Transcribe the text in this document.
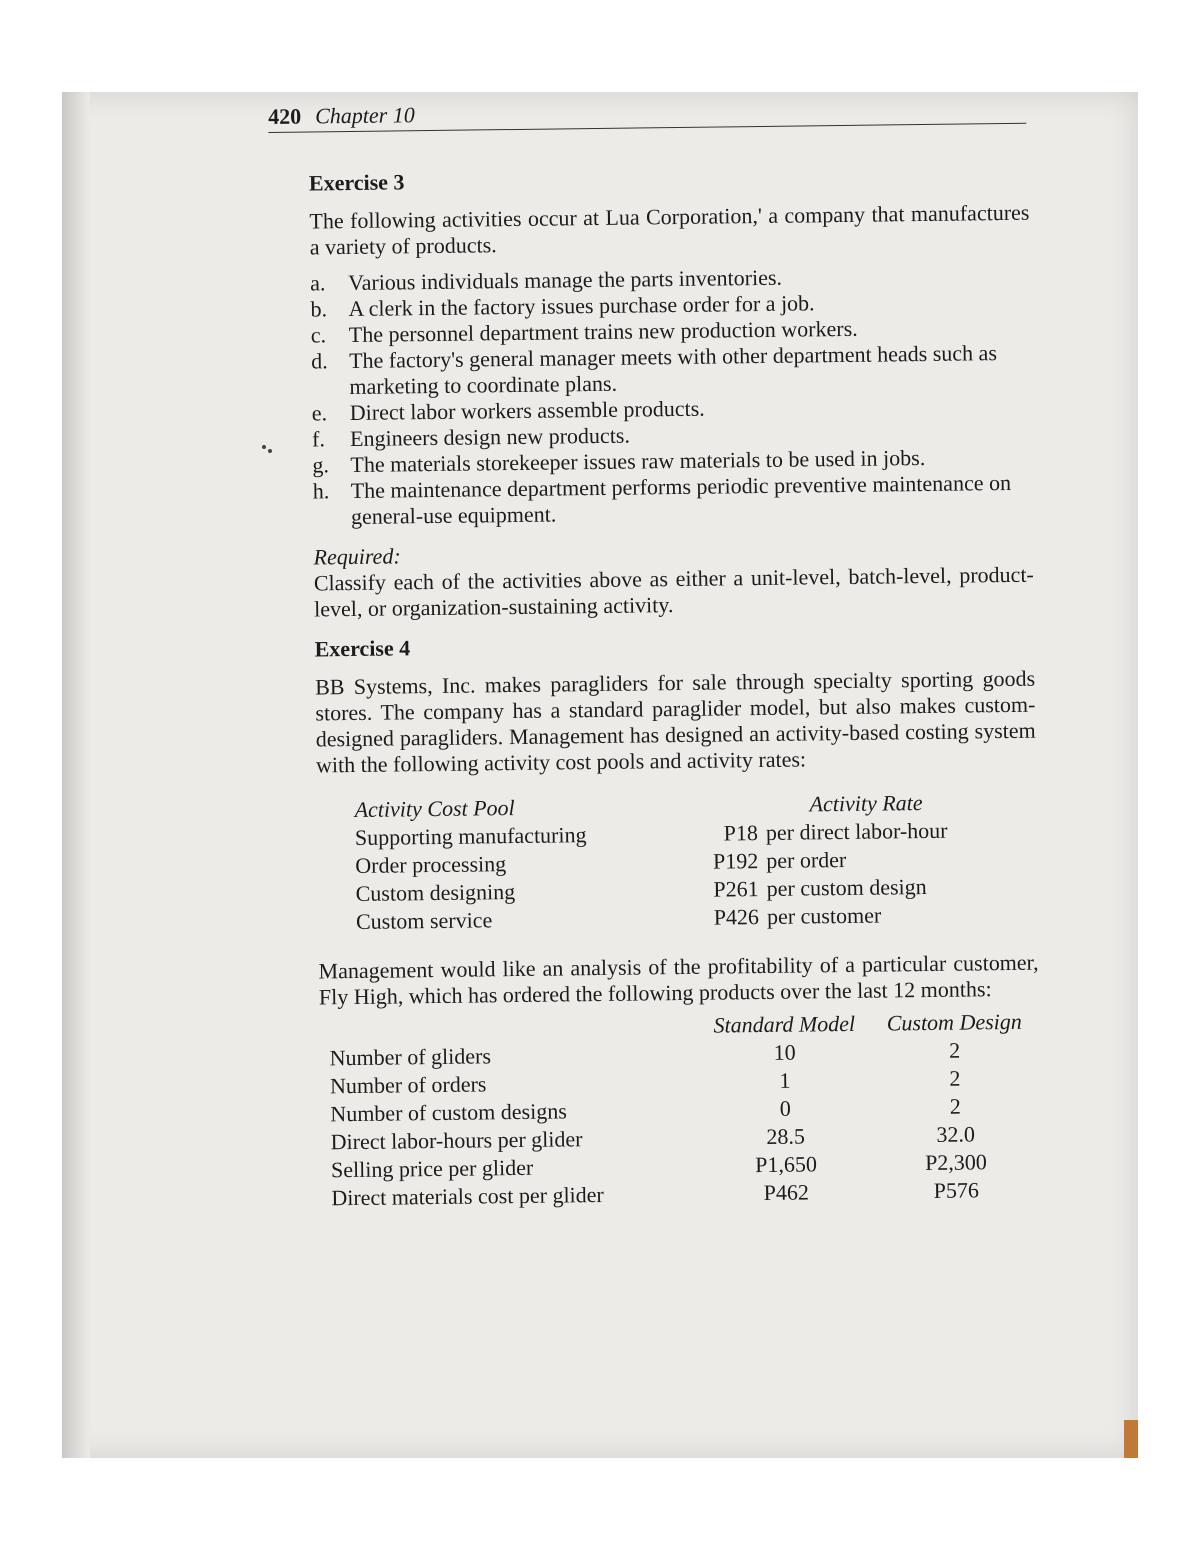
420 Chapter 10
Exercise 3
The following activities occur at Lua Corporation,' a company that manufactures a variety of products.
a.	Various individuals manage the parts inventories.
b. A clerk in the factory issues purchase order for a job.
c.	The personnel department trains new production workers.
d. The factory's general manager meets with other department heads such as marketing to coordinate plans.
e.	Direct labor workers assemble products.
f.	Engineers design new products.
g. The materials storekeeper issues raw materials to be used in jobs.
h. The maintenance department performs periodic preventive maintenance on general-use equipment.
Required:
Classify each of the activities above as either a unit-level, batch-level, product-level, or organization-sustaining activity.
Exercise 4
BB Systems, Inc. makes paragliders for sale through specialty sporting goods stores. The company has a standard paraglider model, but also makes custom-designed paragliders. Management has designed an activity-based costing system with the following activity cost pools and activity rates:
Activity Cost Pool	Activity Rate	
Supporting manufacturing	P18	per direct labor-hour
Order processing	P192	per order
Custom designing	P261	per custom design
Custom service	P426	per customer
Management would like an analysis of the profitability of a particular customer, Fly High, which has ordered the following products over the last 12 months:
	Standard Model	Custom Design
Number of gliders	10	2
Number of orders	1	2
Number of custom designs	0	2
Direct labor-hours per glider	28.5	32.0
Selling price per glider	P1,650	P2,300
Direct materials cost per glider	P462	P576
